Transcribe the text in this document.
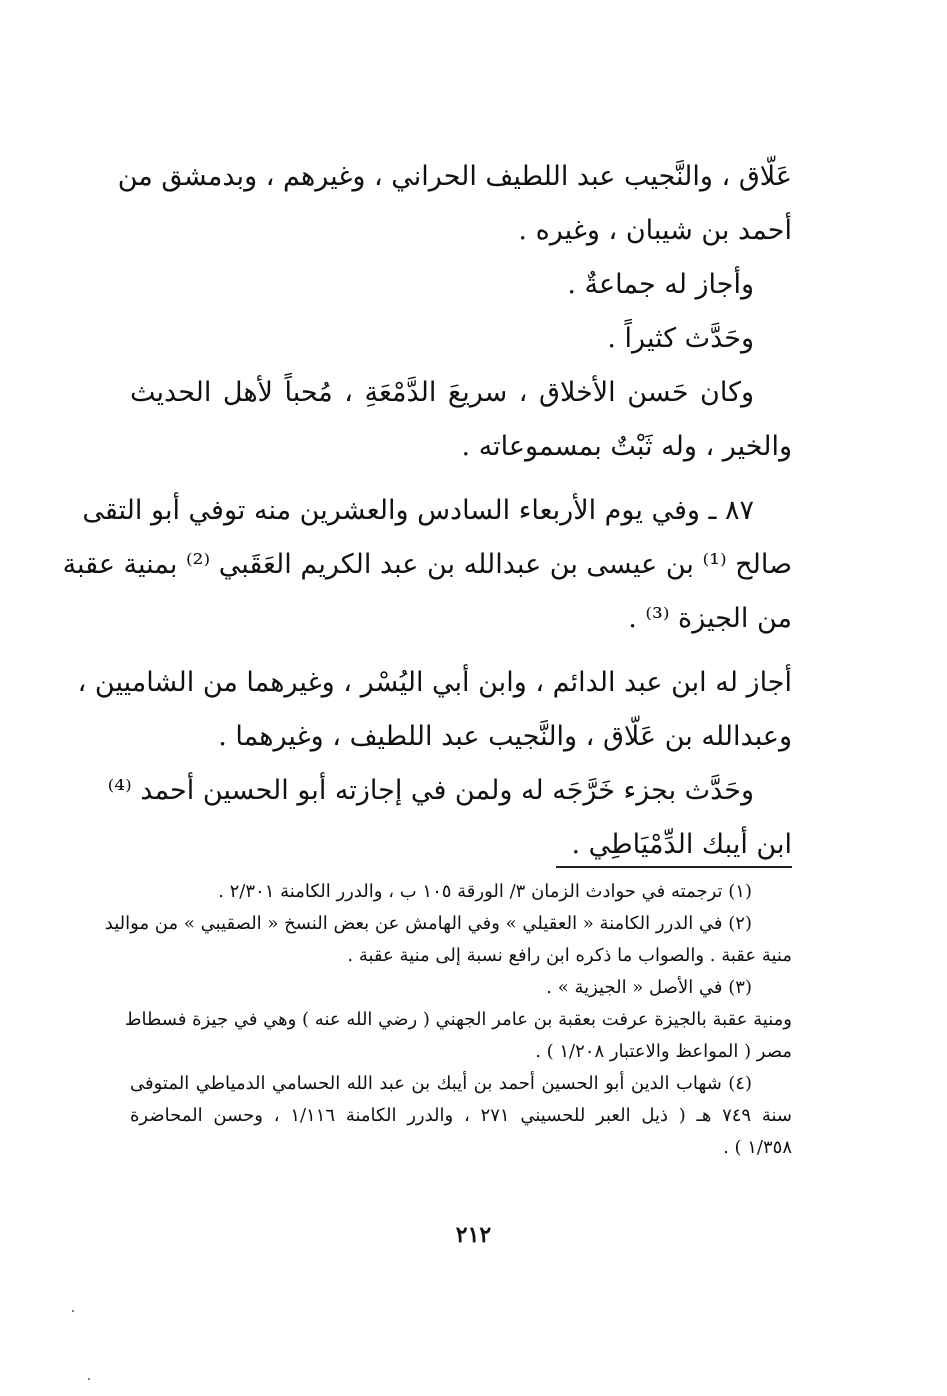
عَلّاق ، والنَّجيب عبد اللطيف الحراني ، وغيرهم ، وبدمشق من
أحمد بن شيبان ، وغيره .
وأجاز له جماعةٌ .
وحَدَّث كثيراً .
وكان حَسن الأخلاق ، سريعَ الدَّمْعَةِ ، مُحباً لأهل الحديث
والخير ، وله ثَبْتٌ بمسموعاته .
٨٧ ـ وفي يوم الأربعاء السادس والعشرين منه توفي أبو التقى
صالح ⁽¹⁾ بن عيسى بن عبدالله بن عبد الكريم العَقَبي ⁽²⁾ بمنية عقبة
من الجيزة ⁽³⁾ .
أجاز له ابن عبد الدائم ، وابن أبي اليُسْر ، وغيرهما من الشاميين ،
وعبدالله بن عَلّاق ، والنَّجيب عبد اللطيف ، وغيرهما .
وحَدَّث بجزء خَرَّجَه له ولمن في إجازته أبو الحسين أحمد ⁽⁴⁾
ابن أيبك الدِّمْيَاطِي .
(١) ترجمته في حوادث الزمان ٣/ الورقة ١٠٥ ب ، والدرر الكامنة ٢/٣٠١ .
(٢) في الدرر الكامنة « العقيلي » وفي الهامش عن بعض النسخ « الصقيبي » من مواليد
منية عقبة . والصواب ما ذكره ابن رافع نسبة إلى منية عقبة .
(٣) في الأصل « الجيزية » .
ومنية عقبة بالجيزة عرفت بعقبة بن عامر الجهني ( رضي الله عنه ) وهي في جيزة فسطاط
مصر ( المواعظ والاعتبار ١/٢٠٨ ) .
(٤) شهاب الدين أبو الحسين أحمد بن أيبك بن عبد الله الحسامي الدمياطي المتوفى
سنة ٧٤٩ هـ ( ذيل العبر للحسيني ٢٧١ ، والدرر الكامنة ١/١١٦ ، وحسن المحاضرة
١/٣٥٨ ) .
٢١٢
